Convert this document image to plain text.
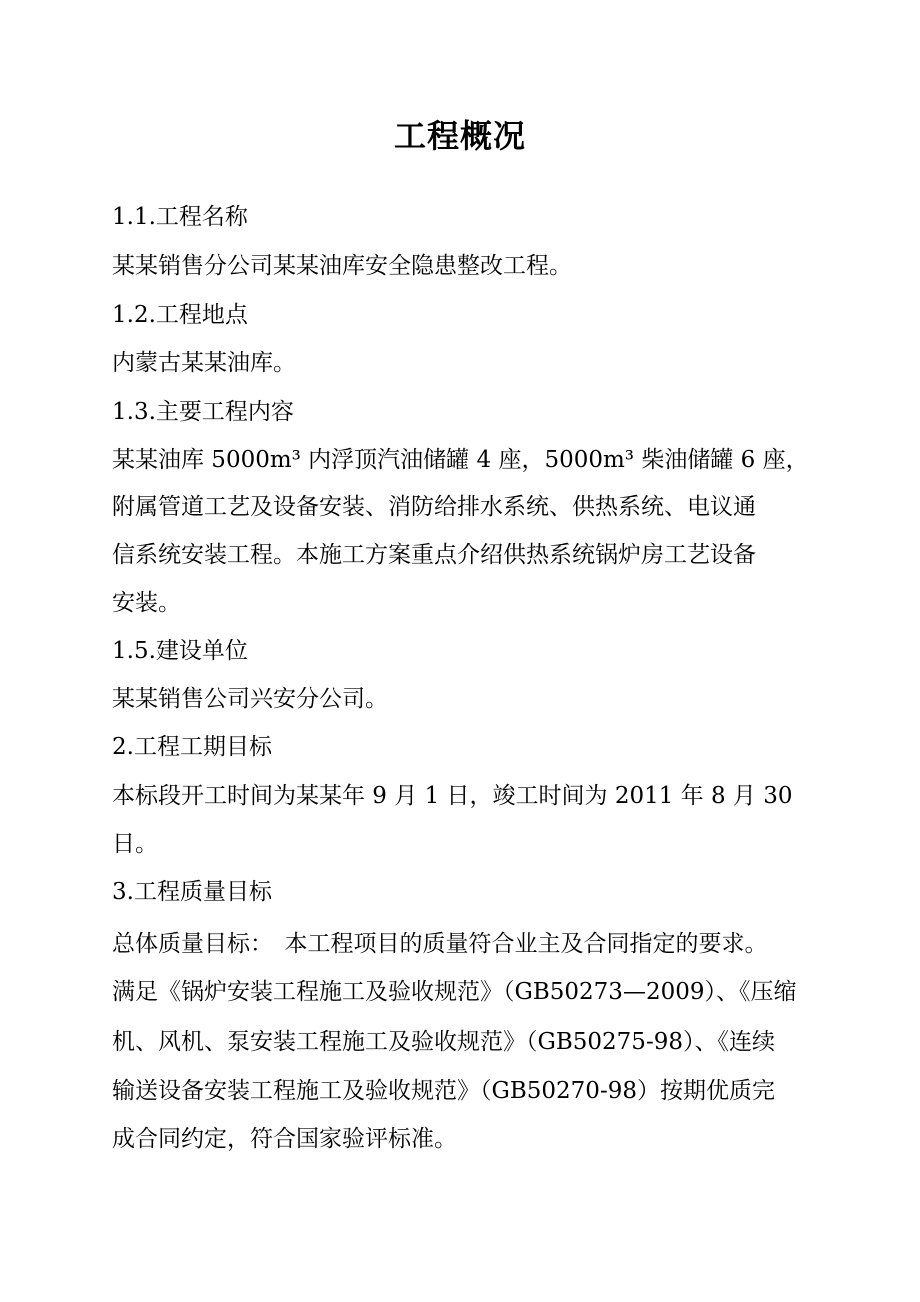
工程概况
1.1.工程名称
某某销售分公司某某油库安全隐患整改工程。
1.2.工程地点
内蒙古某某油库。
1.3.主要工程内容
某某油库 5000m³ 内浮顶汽油储罐 4 座，5000m³ 柴油储罐 6 座，
附属管道工艺及设备安装、消防给排水系统、供热系统、电议通
信系统安装工程。本施工方案重点介绍供热系统锅炉房工艺设备
安装。
1.5.建设单位
某某销售公司兴安分公司。
2.工程工期目标
本标段开工时间为某某年 9 月 1 日，竣工时间为 2011 年 8 月 30
日。
3.工程质量目标
总体质量目标：　本工程项目的质量符合业主及合同指定的要求。
满足《锅炉安装工程施工及验收规范》（GB50273—2009）、《压缩
机、风机、泵安装工程施工及验收规范》（GB50275-98）、《连续
输送设备安装工程施工及验收规范》（GB50270-98）按期优质完
成合同约定，符合国家验评标准。
